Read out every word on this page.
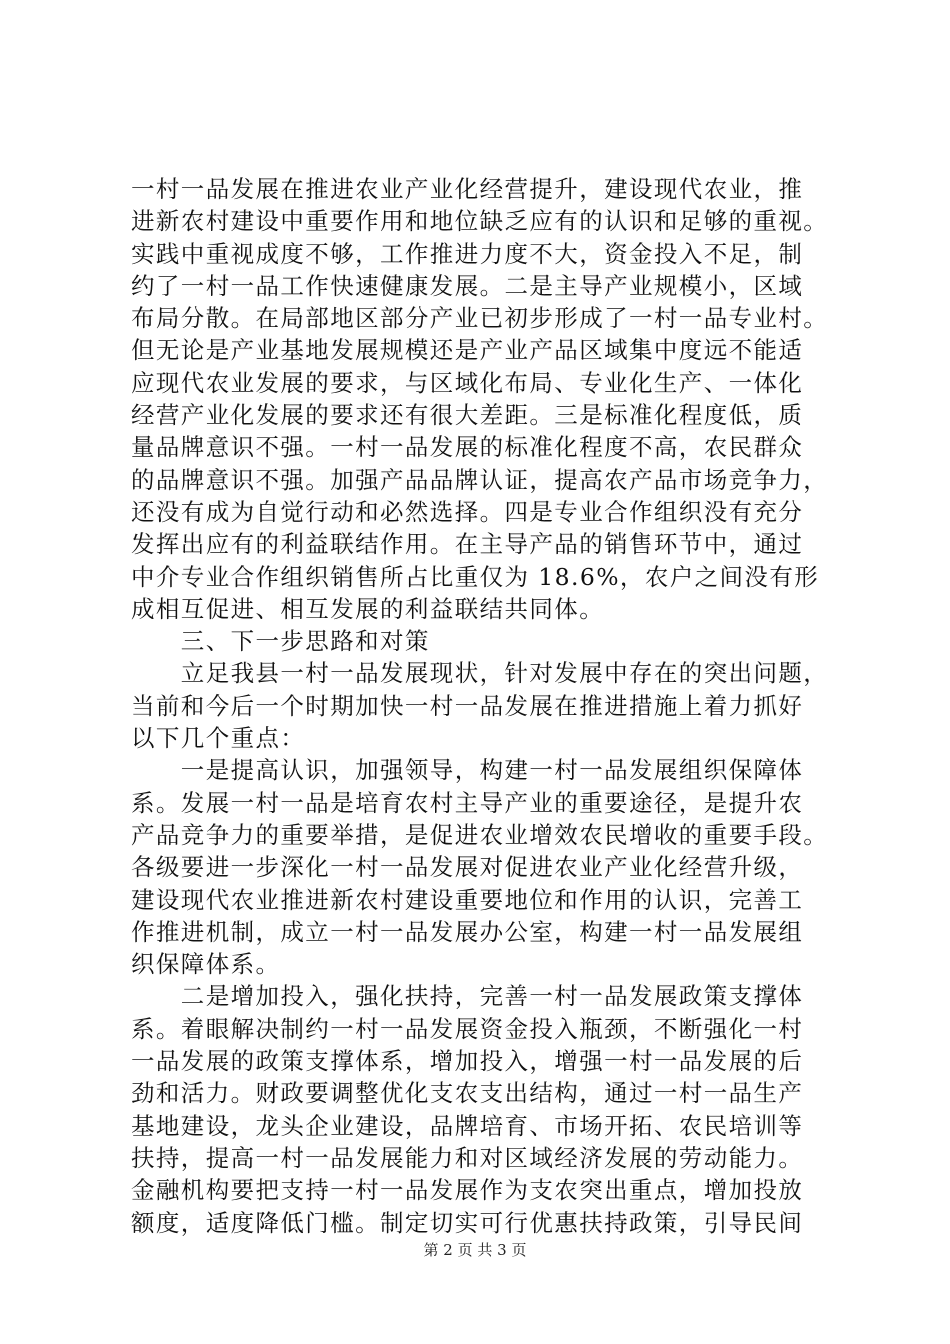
一村一品发展在推进农业产业化经营提升，建设现代农业，推
进新农村建设中重要作用和地位缺乏应有的认识和足够的重视。
实践中重视成度不够，工作推进力度不大，资金投入不足，制
约了一村一品工作快速健康发展。二是主导产业规模小，区域
布局分散。在局部地区部分产业已初步形成了一村一品专业村。
但无论是产业基地发展规模还是产业产品区域集中度远不能适
应现代农业发展的要求，与区域化布局、专业化生产、一体化
经营产业化发展的要求还有很大差距。三是标准化程度低，质
量品牌意识不强。一村一品发展的标准化程度不高，农民群众
的品牌意识不强。加强产品品牌认证，提高农产品市场竞争力，
还没有成为自觉行动和必然选择。四是专业合作组织没有充分
发挥出应有的利益联结作用。在主导产品的销售环节中，通过
中介专业合作组织销售所占比重仅为 18.6%，农户之间没有形
成相互促进、相互发展的利益联结共同体。
　　三、下一步思路和对策
　　立足我县一村一品发展现状，针对发展中存在的突出问题，
当前和今后一个时期加快一村一品发展在推进措施上着力抓好
以下几个重点：
　　一是提高认识，加强领导，构建一村一品发展组织保障体
系。发展一村一品是培育农村主导产业的重要途径，是提升农
产品竞争力的重要举措，是促进农业增效农民增收的重要手段。
各级要进一步深化一村一品发展对促进农业产业化经营升级，
建设现代农业推进新农村建设重要地位和作用的认识，完善工
作推进机制，成立一村一品发展办公室，构建一村一品发展组
织保障体系。
　　二是增加投入，强化扶持，完善一村一品发展政策支撑体
系。着眼解决制约一村一品发展资金投入瓶颈，不断强化一村
一品发展的政策支撑体系，增加投入，增强一村一品发展的后
劲和活力。财政要调整优化支农支出结构，通过一村一品生产
基地建设，龙头企业建设，品牌培育、市场开拓、农民培训等
扶持，提高一村一品发展能力和对区域经济发展的劳动能力。
金融机构要把支持一村一品发展作为支农突出重点，增加投放
额度，适度降低门槛。制定切实可行优惠扶持政策，引导民间
第 2 页 共 3 页
